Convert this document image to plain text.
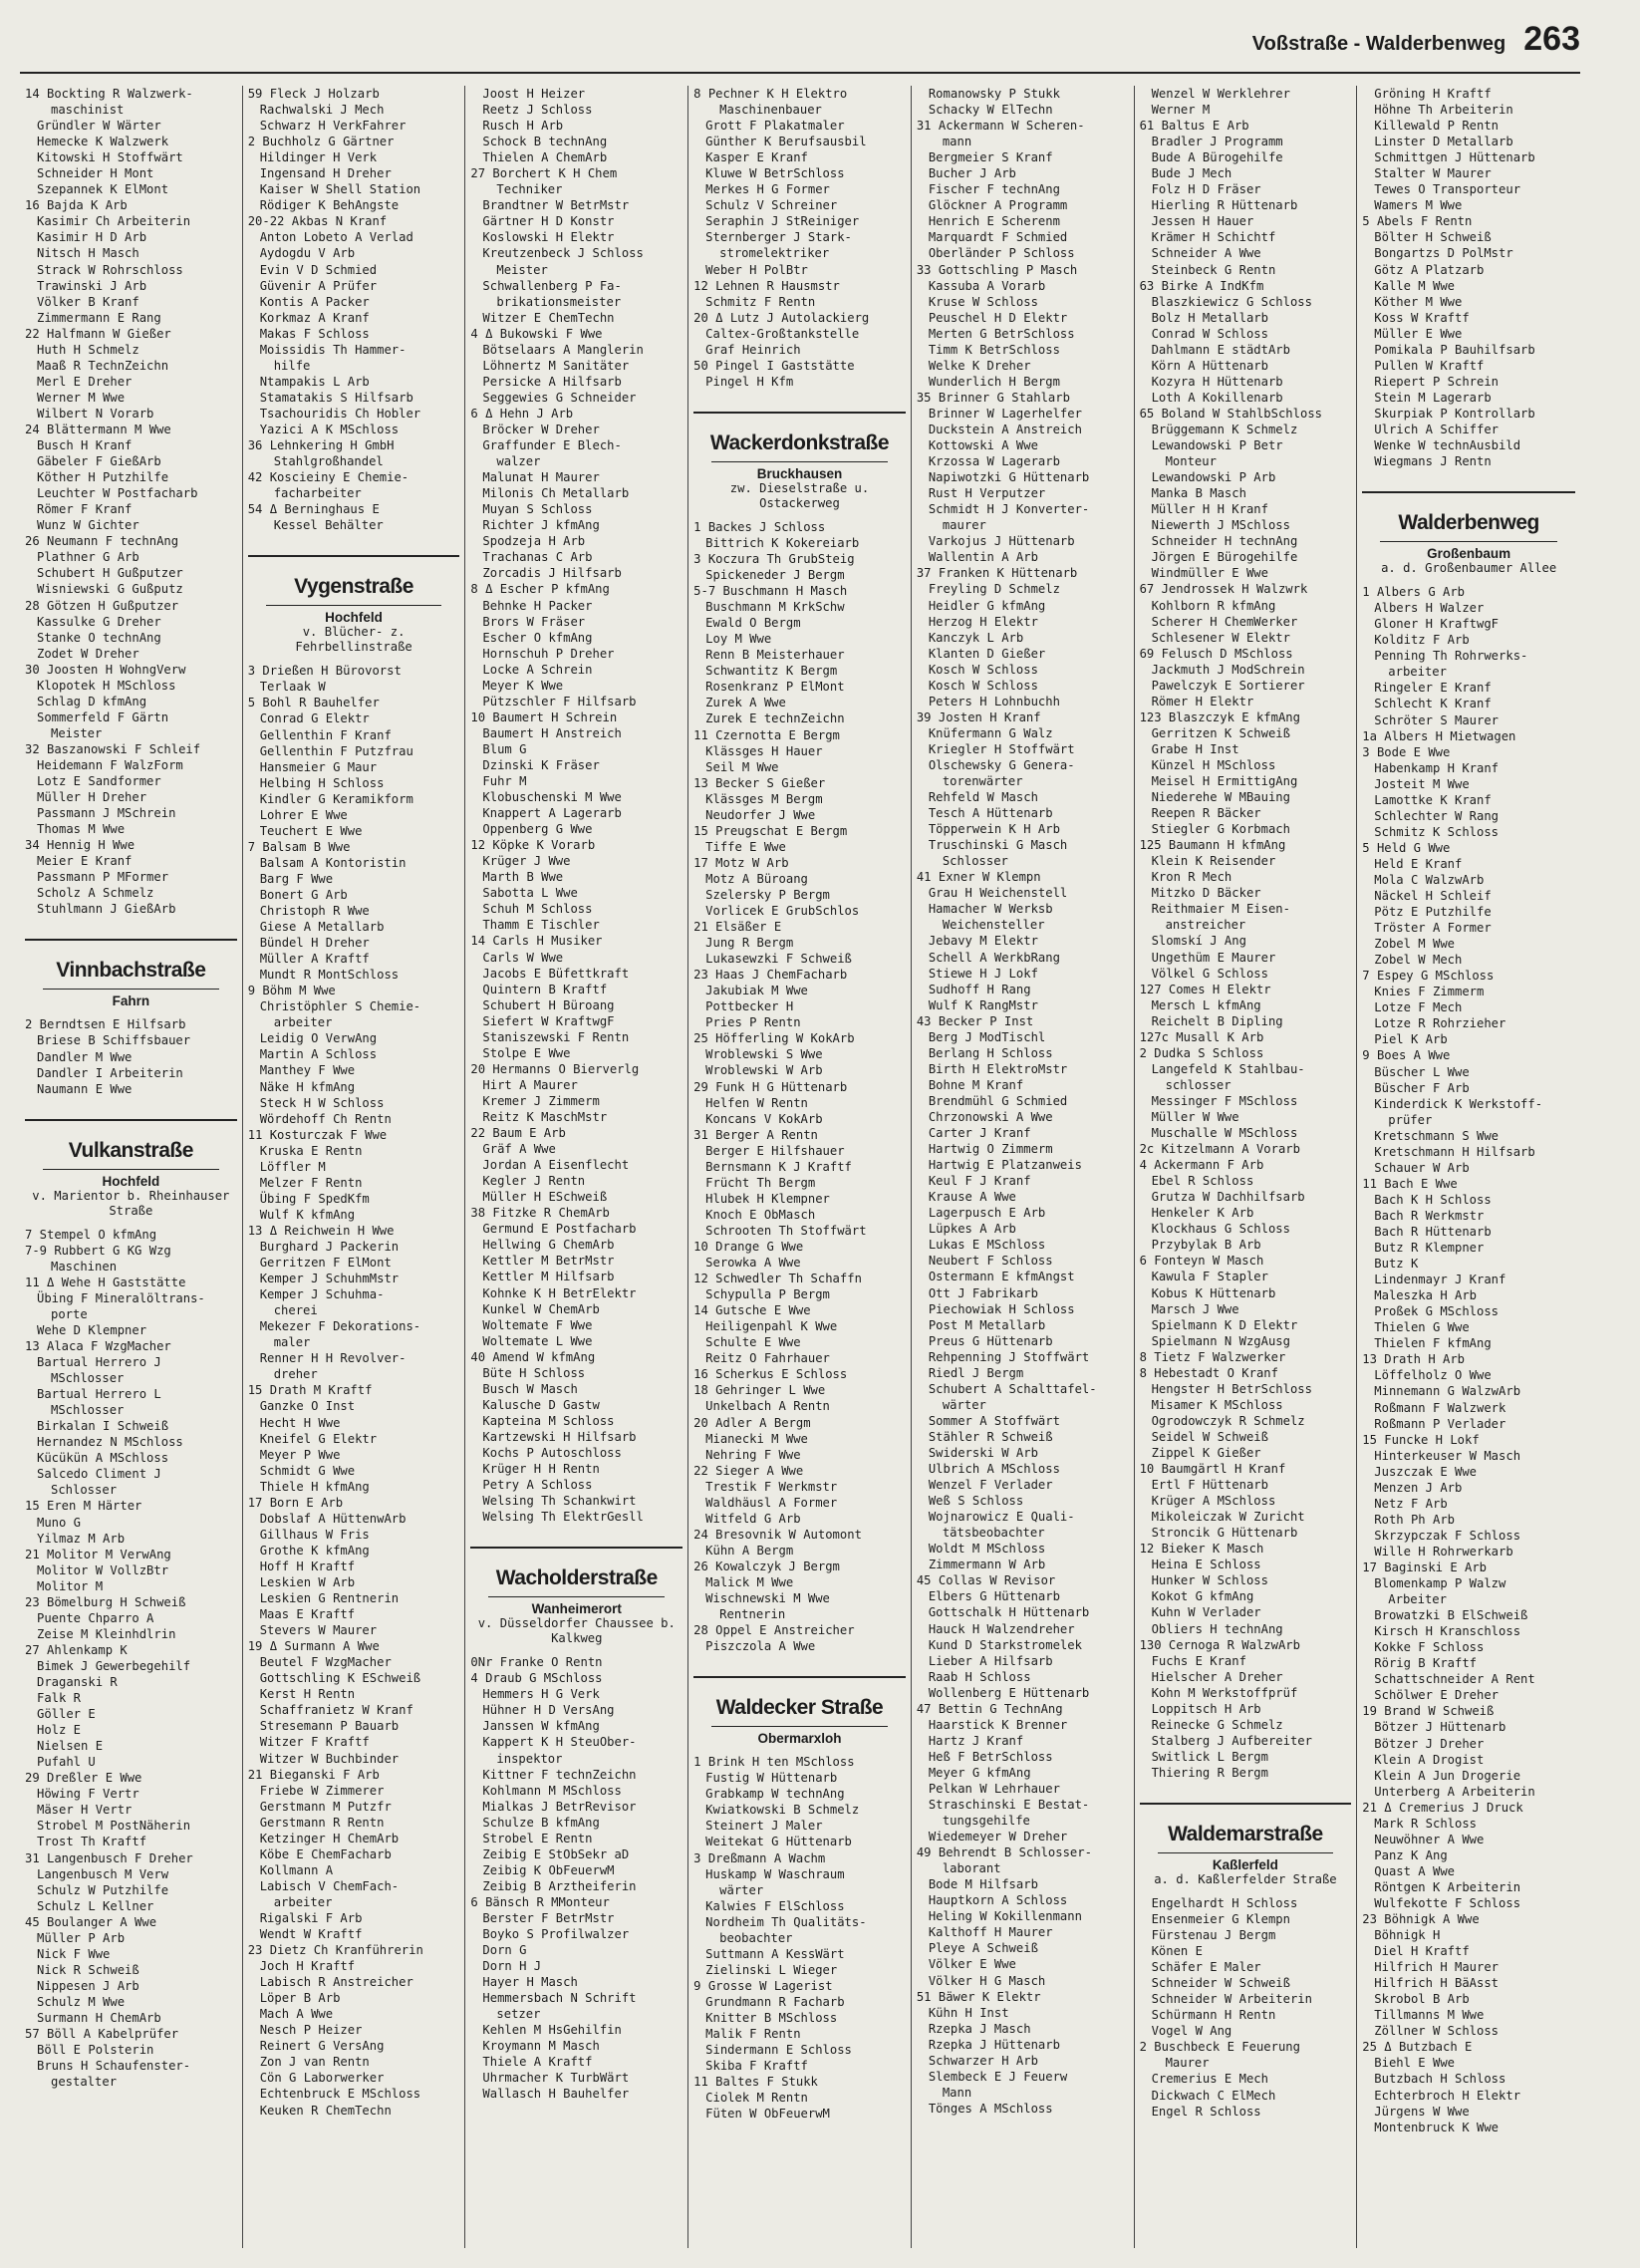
Voßstraße - Walderbenweg 263
14 Bockting R Walzwerk-
maschinist
Gründler W Wärter
Hemecke K Walzwerk
Kitowski H Stoffwärt
Schneider H Mont
Szepannek K ElMont
16 Bajda K Arb
Kasimir Ch Arbeiterin
Kasimir H D Arb
Nitsch H Masch
Strack W Rohrschloss
Trawinski J Arb
Völker B Kranf
Zimmermann E Rang
22 Halfmann W Gießer
Huth H Schmelz
Maaß R TechnZeichn
Merl E Dreher
Werner M Wwe
Wilbert N Vorarb
24 Blättermann M Wwe
Busch H Kranf
Gäbeler F GießArb
Köther H Putzhilfe
Leuchter W Postfacharb
Römer F Kranf
Wunz W Gichter
26 Neumann F technAng
Plathner G Arb
Schubert H Gußputzer
Wisniewski G Gußputz
28 Götzen H Gußputzer
Kassulke G Dreher
Stanke O technAng
Zodet W Dreher
30 Joosten H WohngVerw
Klopotek H MSchloss
Schlag D kfmAng
Sommerfeld F Gärtn
Meister
32 Baszanowski F Schleif
Heidemann F WalzForm
Lotz E Sandformer
Müller H Dreher
Passmann J MSchrein
Thomas M Wwe
34 Hennig H Wwe
Meier E Kranf
Passmann P MFormer
Scholz A Schmelz
Stuhlmann J GießArb
Vinnbachstraße
Fahrn
2 Berndtsen E Hilfsarb
Briese B Schiffsbauer
Dandler M Wwe
Dandler I Arbeiterin
Naumann E Wwe
Vulkanstraße
Hochfeld
v. Marientor b. Rheinhauser Straße
7 Stempel O kfmAng
7-9 Rubbert G KG Wzg
Maschinen
11 Δ Wehe H Gaststätte
Übing F Mineralöltrans-
porte
Wehe D Klempner
13 Alaca F WzgMacher
Bartual Herrero J
MSchlosser
Bartual Herrero L
MSchlosser
Birkalan I Schweiß
Hernandez N MSchloss
Kücükün A MSchloss
Salcedo Climent J
Schlosser
15 Eren M Härter
Muno G
Yilmaz M Arb
21 Molitor M VerwAng
Molitor W VollzBtr
Molitor M
23 Bömelburg H Schweiß
Puente Chparro A
Zeise M Kleinhdlrin
27 Ahlenkamp K
Bimek J Gewerbegehilf
Draganski R
Falk R
Göller E
Holz E
Nielsen E
Pufahl U
29 Dreßler E Wwe
Höwing F Vertr
Mäser H Vertr
Strobel M PostNäherin
Trost Th Kraftf
31 Langenbusch F Dreher
Langenbusch M Verw
Schulz W Putzhilfe
Schulz L Kellner
45 Boulanger A Wwe
Müller P Arb
Nick F Wwe
Nick R Schweiß
Nippesen J Arb
Schulz M Wwe
Surmann H ChemArb
57 Böll A Kabelprüfer
Böll E Polsterin
Bruns H Schaufenster-
gestalter
59 Fleck J Holzarb
Rachwalski J Mech
Schwarz H VerkFahrer
2 Buchholz G Gärtner
Hildinger H Verk
Ingensand H Dreher
Kaiser W Shell Station
Rödiger K BehAngste
20-22 Akbas N Kranf
Anton Lobeto A Verlad
Aydogdu V Arb
Evin V D Schmied
Güvenir A Prüfer
Kontis A Packer
Korkmaz A Kranf
Makas F Schloss
Moissidis Th Hammer-
hilfe
Ntampakis L Arb
Stamatakis S Hilfsarb
Tsachouridis Ch Hobler
Yazici A K MSchloss
36 Lehnkering H GmbH
Stahlgroßhandel
42 Koscieiny E Chemie-
facharbeiter
54 Δ Berninghaus E
Kessel Behälter
Vygenstraße
Hochfeld
v. Blücher- z. Fehrbellinstraße
3 Drießen H Bürovorst
Terlaak W
5 Bohl R Bauhelfer
Conrad G Elektr
Gellenthin F Kranf
Gellenthin F Putzfrau
Hansmeier G Maur
Helbing H Schloss
Kindler G Keramikform
Lohrer E Wwe
Teuchert E Wwe
7 Balsam B Wwe
Balsam A Kontoristin
Barg F Wwe
Bonert G Arb
Christoph R Wwe
Giese A Metallarb
Bündel H Dreher
Müller A Kraftf
Mundt R MontSchloss
9 Böhm M Wwe
Christöphler S Chemie-
arbeiter
Leidig O VerwAng
Martin A Schloss
Manthey F Wwe
Näke H kfmAng
Steck H W Schloss
Wördehoff Ch Rentn
11 Kosturczak F Wwe
Kruska E Rentn
Löffler M
Melzer F Rentn
Übing F SpedKfm
Wulf K kfmAng
13 Δ Reichwein H Wwe
Burghard J Packerin
Gerritzen F ElMont
Kemper J SchuhmMstr
Kemper J Schuhma-
cherei
Mekezer F Dekorations-
maler
Renner H H Revolver-
dreher
15 Drath M Kraftf
Ganzke O Inst
Hecht H Wwe
Kneifel G Elektr
Meyer P Wwe
Schmidt G Wwe
Thiele H kfmAng
17 Born E Arb
Dobslaf A HüttenwArb
Gillhaus W Fris
Grothe K kfmAng
Hoff H Kraftf
Leskien W Arb
Leskien G Rentnerin
Maas E Kraftf
Stevers W Maurer
19 Δ Surmann A Wwe
Beutel F WzgMacher
Gottschling K ESchweiß
Kerst H Rentn
Schaffranietz W Kranf
Stresemann P Bauarb
Witzer F Kraftf
Witzer W Buchbinder
21 Bieganski F Arb
Friebe W Zimmerer
Gerstmann M Putzfr
Gerstmann R Rentn
Ketzinger H ChemArb
Köbe E ChemFacharb
Kollmann A
Labisch V ChemFach-
arbeiter
Rigalski F Arb
Wendt W Kraftf
23 Dietz Ch Kranführerin
Joch H Kraftf
Labisch R Anstreicher
Löper B Arb
Mach A Wwe
Nesch P Heizer
Reinert G VersAng
Zon J van Rentn
Cön G Laborwerker
Echtenbruck E MSchloss
Keuken R ChemTechn
Joost H Heizer
Reetz J Schloss
Rusch H Arb
Schock B technAng
Thielen A ChemArb
27 Borchert K H Chem
Techniker
Brandtner W BetrMstr
Gärtner H D Konstr
Koslowski H Elektr
Kreutzenbeck J Schloss
Meister
Schwallenberg P Fa-
brikationsmeister
Witzer E ChemTechn
4 Δ Bukowski F Wwe
Bötselaars A Manglerin
Löhnertz M Sanitäter
Persicke A Hilfsarb
Seggewies G Schneider
6 Δ Hehn J Arb
Bröcker W Dreher
Graffunder E Blech-
walzer
Malunat H Maurer
Milonis Ch Metallarb
Muyan S Schloss
Richter J kfmAng
Spodzeja H Arb
Trachanas C Arb
Zorcadis J Hilfsarb
8 Δ Escher P kfmAng
Behnke H Packer
Brors W Fräser
Escher O kfmAng
Hornschuh P Dreher
Locke A Schrein
Meyer K Wwe
Pützschler F Hilfsarb
10 Baumert H Schrein
Baumert H Anstreich
Blum G
Dzinski K Fräser
Fuhr M
Klobuschenski M Wwe
Knappert A Lagerarb
Oppenberg G Wwe
12 Köpke K Vorarb
Krüger J Wwe
Marth B Wwe
Sabotta L Wwe
Schuh M Schloss
Thamm E Tischler
14 Carls H Musiker
Carls W Wwe
Jacobs E Büfettkraft
Quintern B Kraftf
Schubert H Büroang
Siefert W KraftwgF
Staniszewski F Rentn
Stolpe E Wwe
20 Hermanns O Bierverlg
Hirt A Maurer
Kremer J Zimmerm
Reitz K MaschMstr
22 Baum E Arb
Gräf A Wwe
Jordan A Eisenflecht
Kegler J Rentn
Müller H ESchweiß
38 Fitzke R ChemArb
Germund E Postfacharb
Hellwing G ChemArb
Kettler M BetrMstr
Kettler M Hilfsarb
Kohnke K H BetrElektr
Kunkel W ChemArb
Woltemate F Wwe
Woltemate L Wwe
40 Amend W kfmAng
Büte H Schloss
Busch W Masch
Kalusche D Gastw
Kapteina M Schloss
Kartzewski H Hilfsarb
Kochs P Autoschloss
Krüger H H Rentn
Petry A Schloss
Welsing Th Schankwirt
Welsing Th ElektrGesll
Wacholderstraße
Wanheimerort
v. Düsseldorfer Chaussee b. Kalkweg
0Nr Franke O Rentn
4 Draub G MSchloss
Hemmers H G Verk
Hühner H D VersAng
Janssen W kfmAng
Kappert K H SteuOber-
inspektor
Kittner F technZeichn
Kohlmann M MSchloss
Mialkas J BetrRevisor
Schulze B kfmAng
Strobel E Rentn
Zeibig E StObSekr aD
Zeibig K ObFeuerwM
Zeibig B Arztheiferin
6 Bänsch R MMonteur
Berster F BetrMstr
Boyko S Profilwalzer
Dorn G
Dorn H J
Hayer H Masch
Hemmersbach N Schrift
setzer
Kehlen M HsGehilfin
Kroymann M Masch
Thiele A Kraftf
Uhrmacher K TurbWärt
Wallasch H Bauhelfer
8 Pechner K H Elektro
Maschinenbauer
Grott F Plakatmaler
Günther K Berufsausbil
Kasper E Kranf
Kluwe W BetrSchloss
Merkes H G Former
Schulz V Schreiner
Seraphin J StReiniger
Sternberger J Stark-
stromelektriker
Weber H PolBtr
12 Lehnen R Hausmstr
Schmitz F Rentn
20 Δ Lutz J Autolackierg
Caltex-Großtankstelle
Graf Heinrich
50 Pingel I Gaststätte
Pingel H Kfm
Wackerdonkstraße
Bruckhausen
zw. Dieselstraße u. Ostackerweg
1 Backes J Schloss
Bittrich K Kokereiarb
3 Koczura Th GrubSteig
Spickeneder J Bergm
5-7 Buschmann H Masch
Buschmann M KrkSchw
Ewald O Bergm
Loy M Wwe
Renn B Meisterhauer
Schwantitz K Bergm
Rosenkranz P ElMont
Zurek A Wwe
Zurek E technZeichn
11 Czernotta E Bergm
Klässges H Hauer
Seil M Wwe
13 Becker S Gießer
Klässges M Bergm
Neudorfer J Wwe
15 Preugschat E Bergm
Tiffe E Wwe
17 Motz W Arb
Motz A Büroang
Szelersky P Bergm
Vorlicek E GrubSchlos
21 Elsäßer E
Jung R Bergm
Lukasewzki F Schweiß
23 Haas J ChemFacharb
Jakubiak M Wwe
Pottbecker H
Pries P Rentn
25 Höfferling W KokArb
Wroblewski S Wwe
Wroblewski W Arb
29 Funk H G Hüttenarb
Helfen W Rentn
Koncans V KokArb
31 Berger A Rentn
Berger E Hilfshauer
Bernsmann K J Kraftf
Frücht Th Bergm
Hlubek H Klempner
Knoch E ObMasch
Schrooten Th Stoffwärt
10 Drange G Wwe
Serowka A Wwe
12 Schwedler Th Schaffn
Schypulla P Bergm
14 Gutsche E Wwe
Heiligenpahl K Wwe
Schulte E Wwe
Reitz O Fahrhauer
16 Scherkus E Schloss
18 Gehringer L Wwe
Unkelbach A Rentn
20 Adler A Bergm
Mianecki M Wwe
Nehring F Wwe
22 Sieger A Wwe
Trestik F Werkmstr
Waldhäusl A Former
Witfeld G Arb
24 Bresovnik W Automont
Kühn A Bergm
26 Kowalczyk J Bergm
Malick M Wwe
Wischnewski M Wwe
Rentnerin
28 Oppel E Anstreicher
Piszczola A Wwe
Waldecker Straße
Obermarxloh
1 Brink H ten MSchloss
Fustig W Hüttenarb
Grabkamp W technAng
Kwiatkowski B Schmelz
Steinert J Maler
Weitekat G Hüttenarb
3 Dreßmann A Wachm
Huskamp W Waschraum
wärter
Kalwies F ElSchloss
Nordheim Th Qualitäts-
beobachter
Suttmann A KessWärt
Zielinski L Wieger
9 Grosse W Lagerist
Grundmann R Facharb
Knitter B MSchloss
Malik F Rentn
Sindermann E Schloss
Skiba F Kraftf
11 Baltes F Stukk
Ciolek M Rentn
Füten W ObFeuerwM
Romanowsky P Stukk
Schacky W ElTechn
31 Ackermann W Scheren-
mann
Bergmeier S Kranf
Bucher J Arb
Fischer F technAng
Glöckner A Programm
Henrich E Scherenm
Marquardt F Schmied
Oberländer P Schloss
33 Gottschling P Masch
Kassuba A Vorarb
Kruse W Schloss
Peuschel H D Elektr
Merten G BetrSchloss
Timm K BetrSchloss
Welke K Dreher
Wunderlich H Bergm
35 Brinner G Stahlarb
Brinner W Lagerhelfer
Duckstein A Anstreich
Kottowski A Wwe
Krzossa W Lagerarb
Napiwotzki G Hüttenarb
Rust H Verputzer
Schmidt H J Konverter-
maurer
Varkojus J Hüttenarb
Wallentin A Arb
37 Franken K Hüttenarb
Freyling D Schmelz
Heidler G kfmAng
Herzog H Elektr
Kanczyk L Arb
Klanten D Gießer
Kosch W Schloss
Kosch W Schloss
Peters H Lohnbuchh
39 Josten H Kranf
Knüfermann G Walz
Kriegler H Stoffwärt
Olschewsky G Genera-
torenwärter
Rehfeld W Masch
Tesch A Hüttenarb
Töpperwein K H Arb
Truschinski G Masch
Schlosser
41 Exner W Klempn
Grau H Weichenstell
Hamacher W Werksb
Weichensteller
Jebavy M Elektr
Schell A WerkbRang
Stiewe H J Lokf
Sudhoff H Rang
Wulf K RangMstr
43 Becker P Inst
Berg J ModTischl
Berlang H Schloss
Birth H ElektroMstr
Bohne M Kranf
Brendmühl G Schmied
Chrzonowski A Wwe
Carter J Kranf
Hartwig O Zimmerm
Hartwig E Platzanweis
Keul F J Kranf
Krause A Wwe
Lagerpusch E Arb
Lüpkes A Arb
Lukas E MSchloss
Neubert F Schloss
Ostermann E kfmAngst
Ott J Fabrikarb
Piechowiak H Schloss
Post M Metallarb
Preus G Hüttenarb
Rehpenning J Stoffwärt
Riedl J Bergm
Schubert A Schalttafel-
wärter
Sommer A Stoffwärt
Stähler R Schweiß
Swiderski W Arb
Ulbrich A MSchloss
Wenzel F Verlader
Weß S Schloss
Wojnarowicz E Quali-
tätsbeobachter
Woldt M MSchloss
Zimmermann W Arb
45 Collas W Revisor
Elbers G Hüttenarb
Gottschalk H Hüttenarb
Hauck H Walzendreher
Kund D Starkstromelek
Lieber A Hilfsarb
Raab H Schloss
Wollenberg E Hüttenarb
47 Bettin G TechnAng
Haarstick K Brenner
Hartz J Kranf
Heß F BetrSchloss
Meyer G kfmAng
Pelkan W Lehrhauer
Straschinski E Bestat-
tungsgehilfe
Wiedemeyer W Dreher
49 Behrendt B Schlosser-
laborant
Bode M Hilfsarb
Hauptkorn A Schloss
Heling W Kokillenmann
Kalthoff H Maurer
Pleye A Schweiß
Völker E Wwe
Völker H G Masch
51 Bäwer K Elektr
Kühn H Inst
Rzepka J Masch
Rzepka J Hüttenarb
Schwarzer H Arb
Slembeck E J Feuerw
Mann
Tönges A MSchloss
Wenzel W Werklehrer
Werner M
61 Baltus E Arb
Bradler J Programm
Bude A Bürogehilfe
Bude J Mech
Folz H D Fräser
Hierling R Hüttenarb
Jessen H Hauer
Krämer H Schichtf
Schneider A Wwe
Steinbeck G Rentn
63 Birke A IndKfm
Blaszkiewicz G Schloss
Bolz H Metallarb
Conrad W Schloss
Dahlmann E städtArb
Körn A Hüttenarb
Kozyra H Hüttenarb
Loth A Kokillenarb
65 Boland W StahlbSchloss
Brüggemann K Schmelz
Lewandowski P Betr
Monteur
Lewandowski P Arb
Manka B Masch
Müller H H Kranf
Niewerth J MSchloss
Schneider H technAng
Jörgen E Bürogehilfe
Windmüller E Wwe
67 Jendrossek H Walzwrk
Kohlborn R kfmAng
Scherer H ChemWerker
Schlesener W Elektr
69 Felusch D MSchloss
Jackmuth J ModSchrein
Pawelczyk E Sortierer
Römer H Elektr
123 Blaszczyk E kfmAng
Gerritzen K Schweiß
Grabe H Inst
Künzel H MSchloss
Meisel H ErmittigAng
Niederehe W MBauing
Reepen R Bäcker
Stiegler G Korbmach
125 Baumann H kfmAng
Klein K Reisender
Kron R Mech
Mitzko D Bäcker
Reithmaier M Eisen-
anstreicher
Slomskí J Ang
Ungethüm E Maurer
Völkel G Schloss
127 Comes H Elektr
Mersch L kfmAng
Reichelt B Dipling
127c Musall K Arb
2 Dudka S Schloss
Langefeld K Stahlbau-
schlosser
Messinger F MSchloss
Müller W Wwe
Muschalle W MSchloss
2c Kitzelmann A Vorarb
4 Ackermann F Arb
Ebel R Schloss
Grutza W Dachhilfsarb
Henkeler K Arb
Klockhaus G Schloss
Przybylak B Arb
6 Fonteyn W Masch
Kawula F Stapler
Kobus K Hüttenarb
Marsch J Wwe
Spielmann K D Elektr
Spielmann N WzgAusg
8 Tietz F Walzwerker
8 Hebestadt O Kranf
Hengster H BetrSchloss
Misamer K MSchloss
Ogrodowczyk R Schmelz
Seidel W Schweiß
Zippel K Gießer
10 Baumgärtl H Kranf
Ertl F Hüttenarb
Krüger A MSchloss
Mikoleiczak W Zuricht
Stroncik G Hüttenarb
12 Bieker K Masch
Heina E Schloss
Hunker W Schloss
Kokot G kfmAng
Kuhn W Verlader
Obliers H technAng
130 Cernoga R WalzwArb
Fuchs E Kranf
Hielscher A Dreher
Kohn M Werkstoffprüf
Loppitsch H Arb
Reinecke G Schmelz
Stalberg J Aufbereiter
Switlick L Bergm
Thiering R Bergm
Waldemarstraße
Kaßlerfeld
a. d. Kaßlerfelder Straße
Engelhardt H Schloss
Ensenmeier G Klempn
Fürstenau J Bergm
Könen E
Schäfer E Maler
Schneider W Schweiß
Schneider W Arbeiterin
Schürmann H Rentn
Vogel W Ang
2 Buschbeck E Feuerung
Maurer
Cremerius E Mech
Dickwach C ElMech
Engel R Schloss
Gröning H Kraftf
Höhne Th Arbeiterin
Killewald P Rentn
Linster D Metallarb
Schmittgen J Hüttenarb
Stalter W Maurer
Tewes O Transporteur
Wamers M Wwe
5 Abels F Rentn
Bölter H Schweiß
Bongartzs D PolMstr
Götz A Platzarb
Kalle M Wwe
Köther M Wwe
Koss W Kraftf
Müller E Wwe
Pomikala P Bauhilfsarb
Pullen W Kraftf
Riepert P Schrein
Stein M Lagerarb
Skurpiak P Kontrollarb
Ulrich A Schiffer
Wenke W technAusbild
Wiegmans J Rentn
Walderbenweg
Großenbaum
a. d. Großenbaumer Allee
1 Albers G Arb
Albers H Walzer
Gloner H KraftwgF
Kolditz F Arb
Penning Th Rohrwerks-
arbeiter
Ringeler E Kranf
Schlecht K Kranf
Schröter S Maurer
1a Albers H Mietwagen
3 Bode E Wwe
Habenkamp H Kranf
Josteit M Wwe
Lamottke K Kranf
Schlechter W Rang
Schmitz K Schloss
5 Held G Wwe
Held E Kranf
Mola C WalzwArb
Näckel H Schleif
Pötz E Putzhilfe
Tröster A Former
Zobel M Wwe
Zobel W Mech
7 Espey G MSchloss
Knies F Zimmerm
Lotze F Mech
Lotze R Rohrzieher
Piel K Arb
9 Boes A Wwe
Büscher L Wwe
Büscher F Arb
Kinderdick K Werkstoff-
prüfer
Kretschmann S Wwe
Kretschmann H Hilfsarb
Schauer W Arb
11 Bach E Wwe
Bach K H Schloss
Bach R Werkmstr
Bach R Hüttenarb
Butz R Klempner
Butz K
Lindenmayr J Kranf
Maleszka H Arb
Proßek G MSchloss
Thielen G Wwe
Thielen F kfmAng
13 Drath H Arb
Löffelholz O Wwe
Minnemann G WalzwArb
Roßmann F Walzwerk
Roßmann P Verlader
15 Funcke H Lokf
Hinterkeuser W Masch
Juszczak E Wwe
Menzen J Arb
Netz F Arb
Roth Ph Arb
Skrzypczak F Schloss
Wille H Rohrwerkarb
17 Baginski E Arb
Blomenkamp P Walzw
Arbeiter
Browatzki B ElSchweiß
Kirsch H Kranschloss
Kokke F Schloss
Rörig B Kraftf
Schattschneider A Rent
Schölwer E Dreher
19 Brand W Schweiß
Bötzer J Hüttenarb
Bötzer J Dreher
Klein A Drogist
Klein A Jun Drogerie
Unterberg A Arbeiterin
21 Δ Cremerius J Druck
Mark R Schloss
Neuwöhner A Wwe
Panz K Ang
Quast A Wwe
Röntgen K Arbeiterin
Wulfekotte F Schloss
23 Böhnigk A Wwe
Böhnigk H
Diel H Kraftf
Hilfrich H Maurer
Hilfrich H BäAsst
Skrobol B Arb
Tillmanns M Wwe
Zöllner W Schloss
25 Δ Butzbach E
Biehl E Wwe
Butzbach H Schloss
Echterbroch H Elektr
Jürgens W Wwe
Montenbruck K Wwe
